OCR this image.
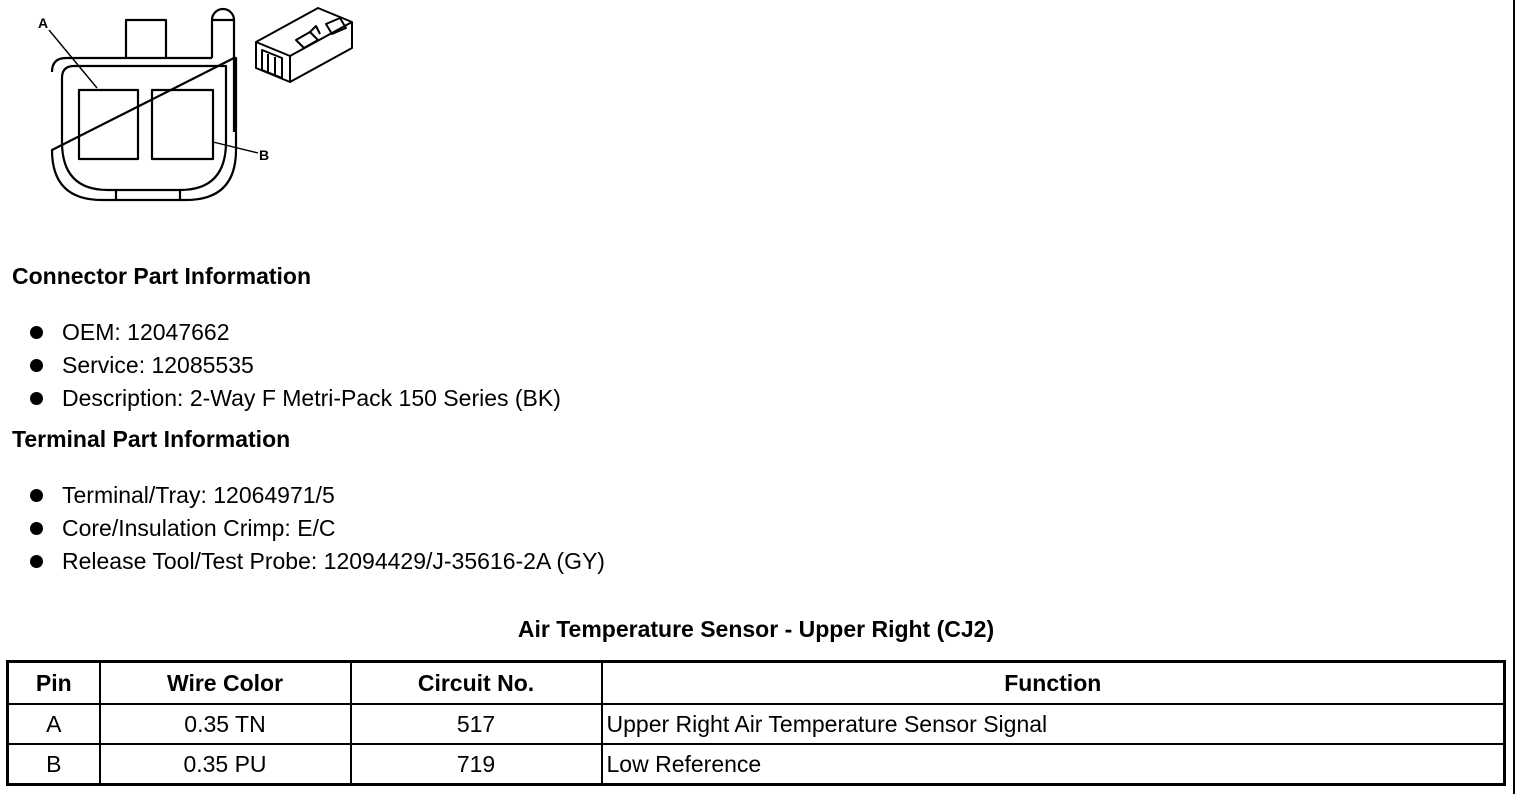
A
B
Connector Part Information
OEM: 12047662
Service: 12085535
Description: 2-Way F Metri-Pack 150 Series (BK)
Terminal Part Information
Terminal/Tray: 12064971/5
Core/Insulation Crimp: E/C
Release Tool/Test Probe: 12094429/J-35616-2A (GY)
Air Temperature Sensor - Upper Right (CJ2)
Pin	Wire Color	Circuit No.	Function
A	0.35 TN	517	Upper Right Air Temperature Sensor Signal
B	0.35 PU	719	Low Reference
